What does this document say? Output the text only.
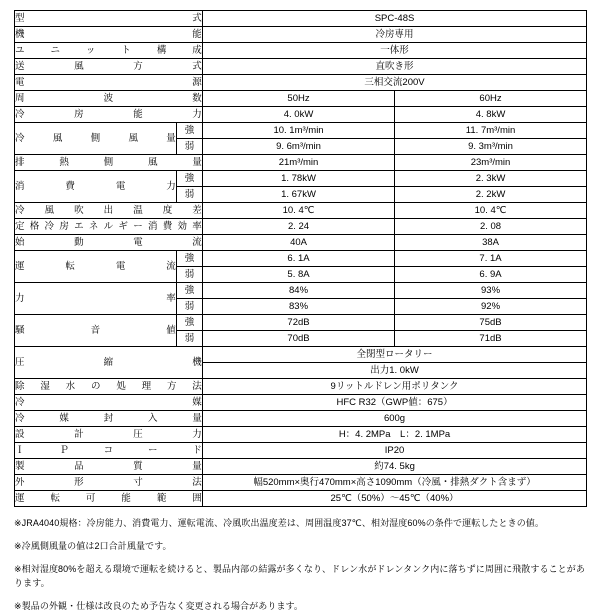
型　　　　　　式		SPC-48S	
機　　　　　　能		冷房専用	
ユ ニ ッ ト 構 成		一体形	
送 風 方 式		直吹き形	
電　　　　　　源		三相交流200V	
周　　波　　数		50Hz	60Hz
冷　房　能　力		4. 0kW	4. 8kW
冷風側風量	強	10. 1m³/min	11. 7m³/min
	弱	9. 6m³/min	9. 3m³/min
排 熱 側 風 量		21m³/min	23m³/min
消　費　電　力	強	1. 78kW	2. 3kW
	弱	1. 67kW	2. 2kW
冷風吹出温度差		10. 4℃	10. 4℃
定格冷房エネルギー消費効率		2. 24	2. 08
始　動　電　流		40A	38A
運　転　電　流	強	6. 1A	7. 1A
	弱	5. 8A	6. 9A
力　　　　　　率	強	84%	93%
	弱	83%	92%
騒　　音　　値	強	72dB	75dB
	弱	70dB	71dB
圧　　縮　　機		全閉型ロータリー	
		出力1. 0kW	
除 湿 水 の 処 理 方 法		9リットルドレン用ポリタンク	
冷　　　　　　媒		HFC R32（GWP値：675）	
冷 媒 封 入 量		600g	
設　計　圧　力		H：4. 2MPa　L：2. 1MPa	
Ｉ Ｐ コ ー ド		IP20	
製　　品　　質　　量		約74. 5kg	
外　形　寸　法		幅520mm×奥行470mm×高さ1090mm（冷風・排熱ダクト含まず）	
運　転　可　能　範　囲		25℃（50%）～45℃（40%）	

※JRA4040規格：冷房能力、消費電力、運転電流、冷風吹出温度差は、周囲温度37℃、相対湿度60%の条件で運転したときの値。

※冷風側風量の値は2口合計風量です。

※相対湿度80%を超える環境で運転を続けると、製品内部の結露が多くなり、ドレン水がドレンタンク内に落ちずに周囲に飛散することがあります。

※製品の外観・仕様は改良のため予告なく変更される場合があります。
